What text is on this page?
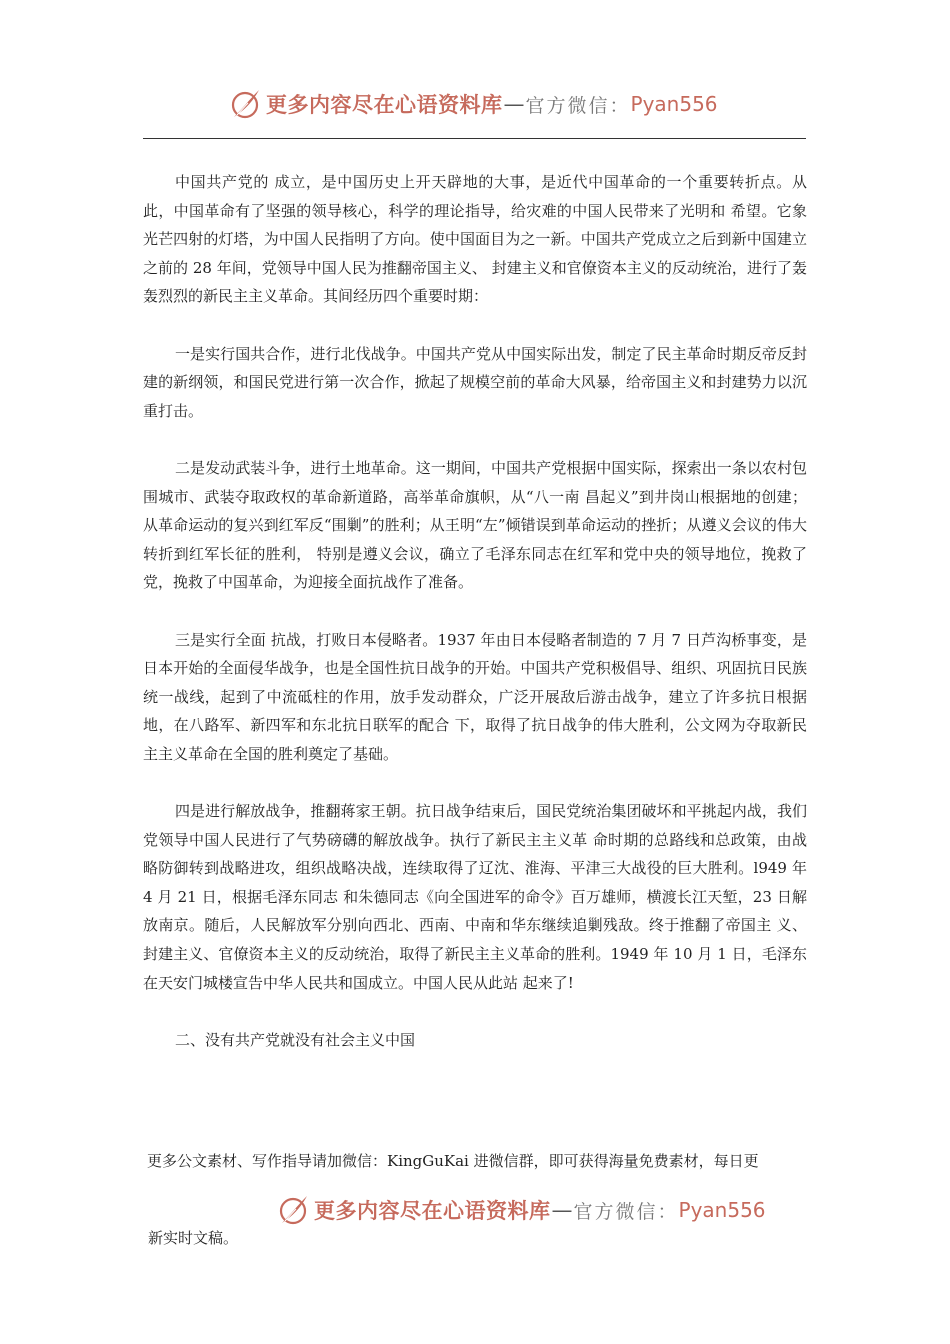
更多内容尽在心语资料库 — 官方微信： Pyan556

中国共产党的 成立，是中国历史上开天辟地的大事，是近代中国革命的一个重要转折点。从此，中国革命有了坚强的领导核心，科学的理论指导，给灾难的中国人民带来了光明和 希望。它象光芒四射的灯塔，为中国人民指明了方向。使中国面目为之一新。中国共产党成立之后到新中国建立之前的 28 年间，党领导中国人民为推翻帝国主义、 封建主义和官僚资本主义的反动统治，进行了轰轰烈烈的新民主主义革命。其间经历四个重要时期：

一是实行国共合作，进行北伐战争。中国共产党从中国实际出发，制定了民主革命时期反帝反封建的新纲领，和国民党进行第一次合作，掀起了规模空前的革命大风暴，给帝国主义和封建势力以沉重打击。

二是发动武装斗争，进行土地革命。这一期间，中国共产党根据中国实际，探索出一条以农村包围城市、武装夺取政权的革命新道路，高举革命旗帜，从“八一南 昌起义”到井岗山根据地的创建；从革命运动的复兴到红军反“围剿”的胜利；从王明“左”倾错误到革命运动的挫折；从遵义会议的伟大转折到红军长征的胜利， 特别是遵义会议，确立了毛泽东同志在红军和党中央的领导地位，挽救了党，挽救了中国革命，为迎接全面抗战作了准备。

三是实行全面 抗战，打败日本侵略者。1937 年由日本侵略者制造的 7 月 7 日芦沟桥事变，是日本开始的全面侵华战争，也是全国性抗日战争的开始。中国共产党积极倡导、组织、巩固抗日民族统一战线，起到了中流砥柱的作用，放手发动群众，广泛开展敌后游击战争，建立了许多抗日根据地，在八路军、新四军和东北抗日联军的配合 下，取得了抗日战争的伟大胜利，公文网为夺取新民主主义革命在全国的胜利奠定了基础。

四是进行解放战争，推翻蒋家王朝。抗日战争结束后，国民党统治集团破坏和平挑起内战，我们党领导中国人民进行了气势磅礴的解放战争。执行了新民主主义革 命时期的总路线和总政策，由战略防御转到战略进攻，组织战略决战，连续取得了辽沈、淮海、平津三大战役的巨大胜利。l949 年 4 月 21 日，根据毛泽东同志 和朱德同志《向全国进军的命令》百万雄师，横渡长江天堑，23 日解放南京。随后，人民解放军分别向西北、西南、中南和华东继续追剿残敌。终于推翻了帝国主 义、封建主义、官僚资本主义的反动统治，取得了新民主主义革命的胜利。1949 年 10 月 1 日，毛泽东在天安门城楼宣告中华人民共和国成立。中国人民从此站 起来了!

二、没有共产党就没有社会主义中国

更多公文素材、写作指导请加微信：KingGuKai 进微信群，即可获得海量免费素材，每日更
更多内容尽在心语资料库 — 官方微信： Pyan556
新实时文稿。
